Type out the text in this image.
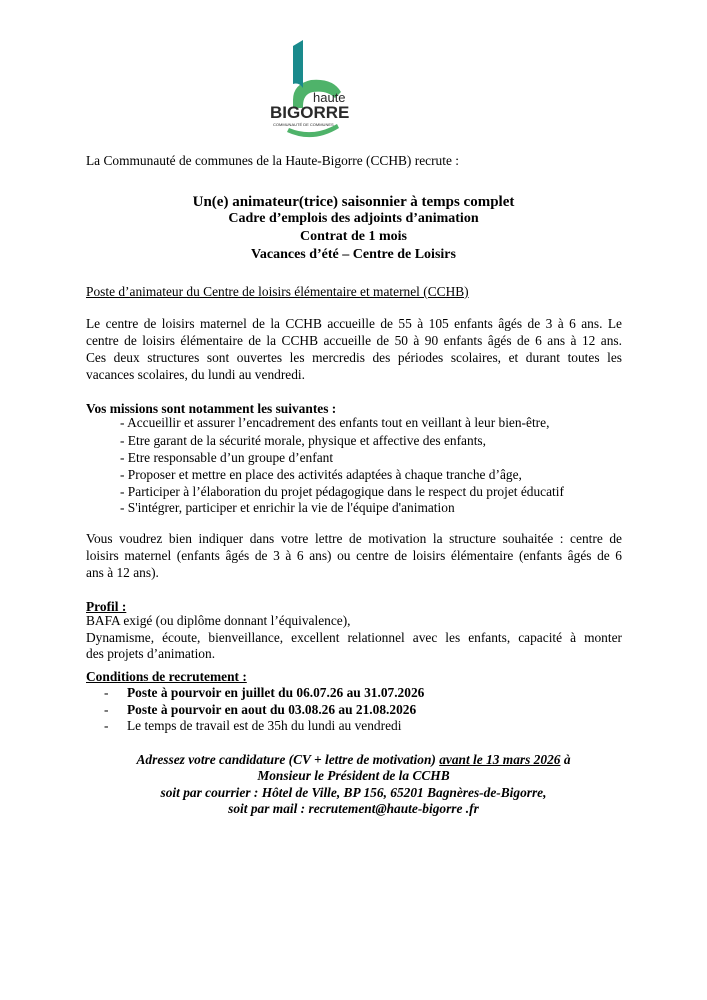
haute
BIGORRE
COMMUNAUTÉ DE COMMUNES
La Communauté de communes de la Haute-Bigorre (CCHB) recrute :
Un(e) animateur(trice) saisonnier à temps complet
Cadre d’emplois des adjoints d’animation
Contrat de 1 mois
Vacances d’été – Centre de Loisirs
Poste d’animateur du Centre de loisirs élémentaire et maternel (CCHB)
Le centre de loisirs maternel de la CCHB accueille de 55 à 105 enfants âgés de 3 à 6 ans. Le
centre de loisirs élémentaire de la CCHB accueille de 50 à 90 enfants âgés de 6 ans à 12 ans.
Ces deux structures sont ouvertes les mercredis des périodes scolaires, et durant toutes les
vacances scolaires, du lundi au vendredi.
Vos missions sont notamment les suivantes :
- Accueillir et assurer l’encadrement des enfants tout en veillant à leur bien-être,
- Etre garant de la sécurité morale, physique et affective des enfants,
- Etre responsable d’un groupe d’enfant
- Proposer et mettre en place des activités adaptées à chaque tranche d’âge,
- Participer à l’élaboration du projet pédagogique dans le respect du projet éducatif
- S'intégrer, participer et enrichir la vie de l'équipe d'animation
Vous voudrez bien indiquer dans votre lettre de motivation la structure souhaitée : centre de
loisirs maternel (enfants âgés de 3 à 6 ans) ou centre de loisirs élémentaire (enfants âgés de 6
ans à 12 ans).
Profil :
BAFA exigé (ou diplôme donnant l’équivalence),
Dynamisme, écoute, bienveillance, excellent relationnel avec les enfants, capacité à monter
des projets d’animation.
Conditions de recrutement :
- Poste à pourvoir en juillet du 06.07.26 au 31.07.2026
- Poste à pourvoir en aout du 03.08.26 au 21.08.2026
- Le temps de travail est de 35h du lundi au vendredi
Adressez votre candidature (CV + lettre de motivation) avant le 13 mars 2026 à
Monsieur le Président de la CCHB
soit par courrier : Hôtel de Ville, BP 156, 65201 Bagnères-de-Bigorre,
soit par mail : recrutement@haute-bigorre .fr
